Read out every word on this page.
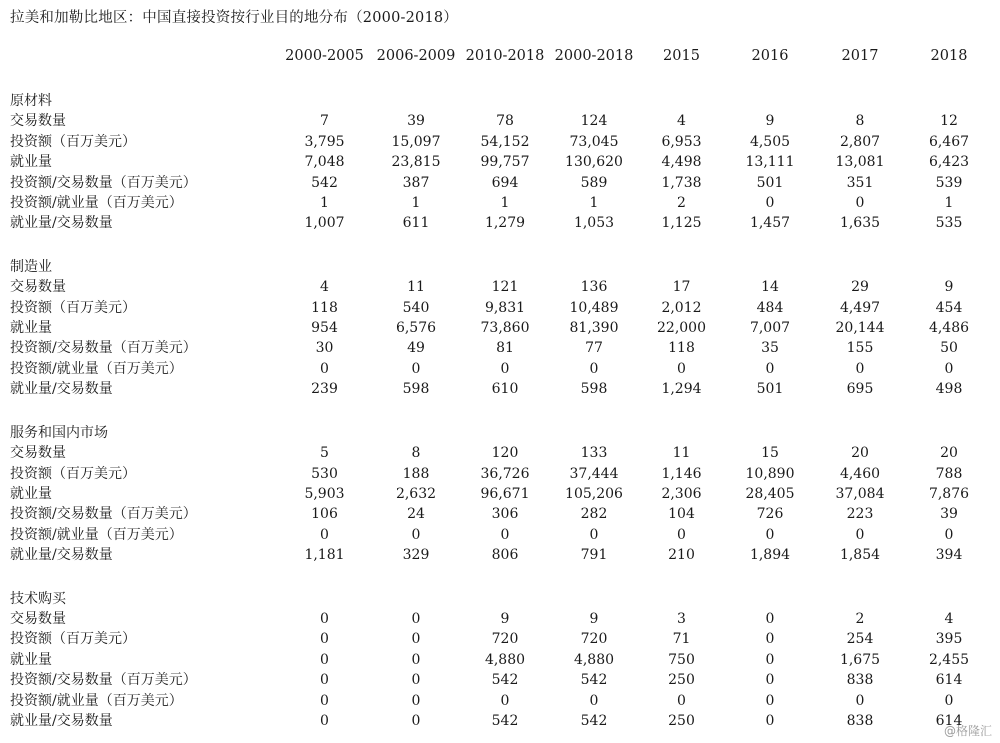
拉美和加勒比地区：中国直接投资按行业目的地分布（2000-2018）
	2000-2005	2006-2009	2010-2018	2000-2018	2015	2016	2017	2018

原材料								
交易数量	7	39	78	124	4	9	8	12
投资额（百万美元）	3,795	15,097	54,152	73,045	6,953	4,505	2,807	6,467
就业量	7,048	23,815	99,757	130,620	4,498	13,111	13,081	6,423
投资额/交易数量（百万美元）	542	387	694	589	1,738	501	351	539
投资额/就业量（百万美元）	1	1	1	1	2	0	0	1
就业量/交易数量	1,007	611	1,279	1,053	1,125	1,457	1,635	535

制造业								
交易数量	4	11	121	136	17	14	29	9
投资额（百万美元）	118	540	9,831	10,489	2,012	484	4,497	454
就业量	954	6,576	73,860	81,390	22,000	7,007	20,144	4,486
投资额/交易数量（百万美元）	30	49	81	77	118	35	155	50
投资额/就业量（百万美元）	0	0	0	0	0	0	0	0
就业量/交易数量	239	598	610	598	1,294	501	695	498

服务和国内市场								
交易数量	5	8	120	133	11	15	20	20
投资额（百万美元）	530	188	36,726	37,444	1,146	10,890	4,460	788
就业量	5,903	2,632	96,671	105,206	2,306	28,405	37,084	7,876
投资额/交易数量（百万美元）	106	24	306	282	104	726	223	39
投资额/就业量（百万美元）	0	0	0	0	0	0	0	0
就业量/交易数量	1,181	329	806	791	210	1,894	1,854	394

技术购买								
交易数量	0	0	9	9	3	0	2	4
投资额（百万美元）	0	0	720	720	71	0	254	395
就业量	0	0	4,880	4,880	750	0	1,675	2,455
投资额/交易数量（百万美元）	0	0	542	542	250	0	838	614
投资额/就业量（百万美元）	0	0	0	0	0	0	0	0
就业量/交易数量	0	0	542	542	250	0	838	614
@格隆汇
